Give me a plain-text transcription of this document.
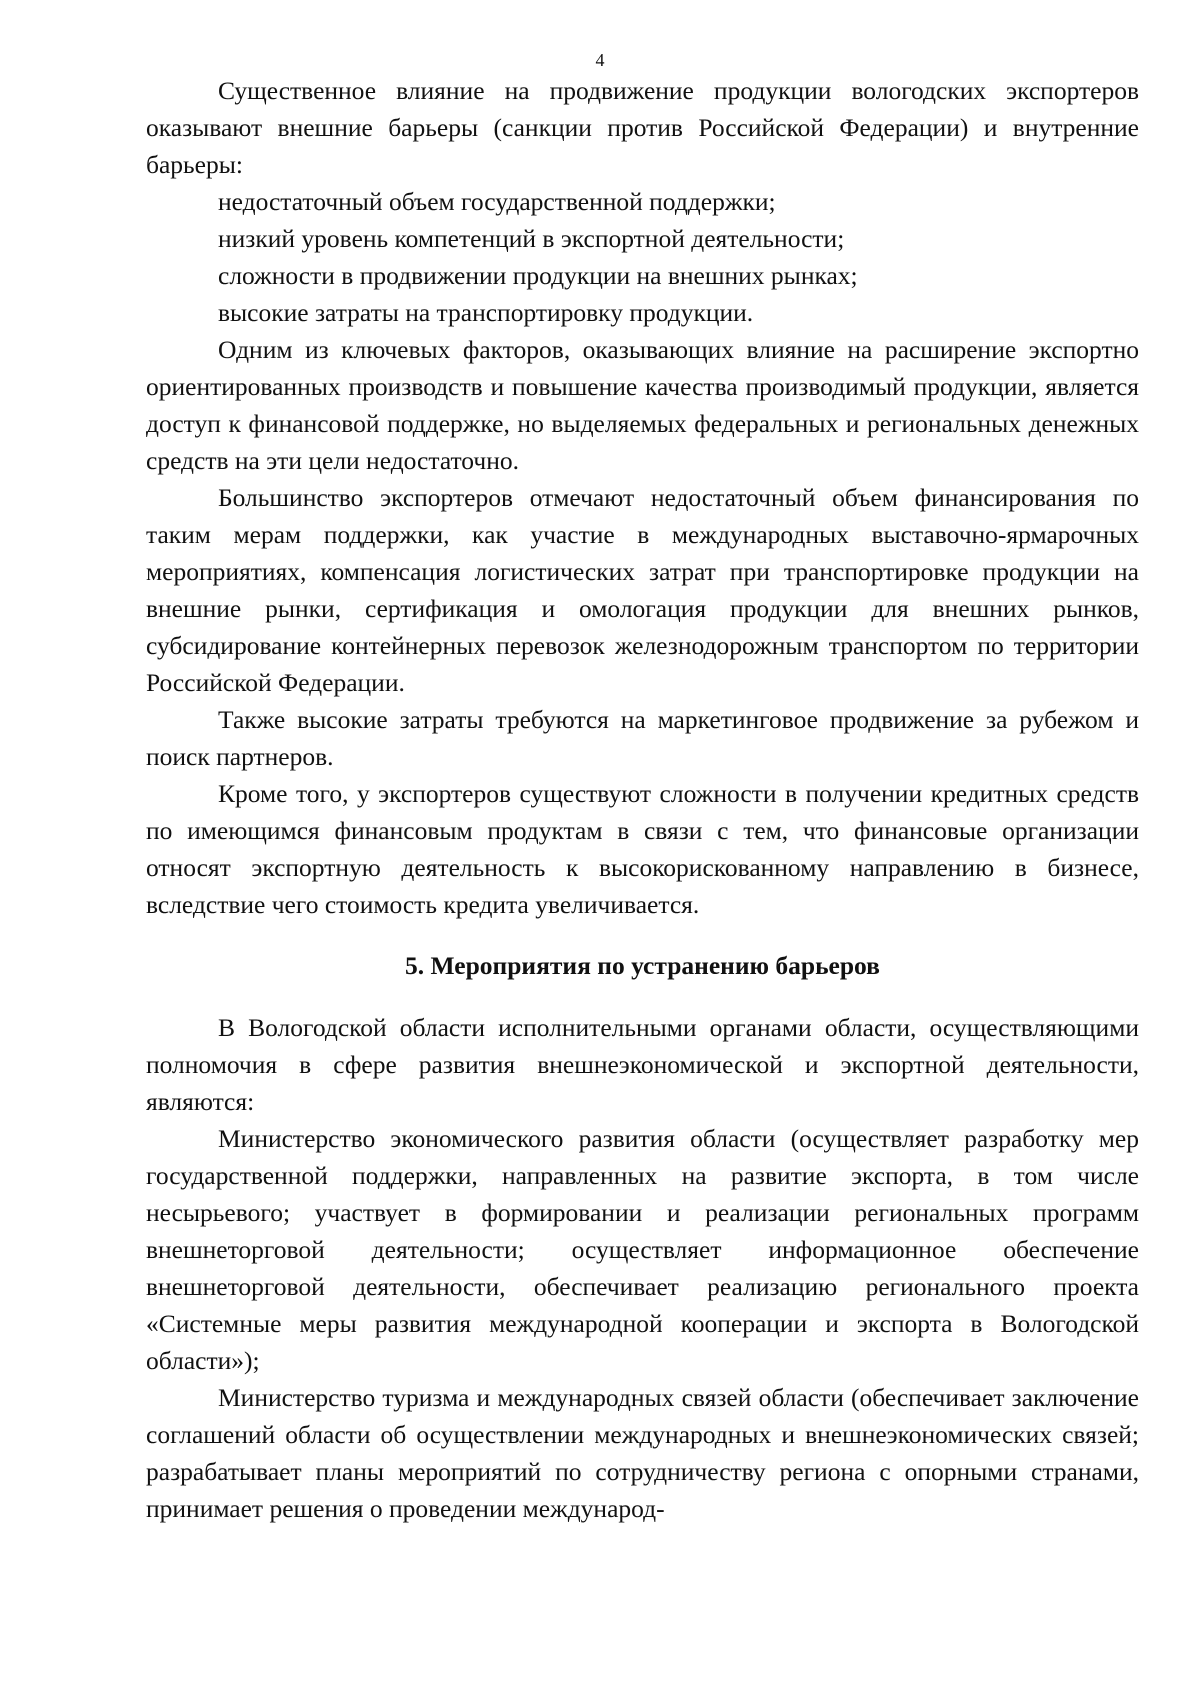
4

Существенное влияние на продвижение продукции вологодских экспортеров оказывают внешние барьеры (санкции против Российской Федерации) и внутренние барьеры:

недостаточный объем государственной поддержки;

низкий уровень компетенций в экспортной деятельности;

сложности в продвижении продукции на внешних рынках;

высокие затраты на транспортировку продукции.

Одним из ключевых факторов, оказывающих влияние на расширение экспортно ориентированных производств и повышение качества производимый продукции, является доступ к финансовой поддержке, но выделяемых федеральных и региональных денежных средств на эти цели недостаточно.

Большинство экспортеров отмечают недостаточный объем финансирования по таким мерам поддержки, как участие в международных выставочно-ярмарочных мероприятиях, компенсация логистических затрат при транспортировке продукции на внешние рынки, сертификация и омологация продукции для внешних рынков, субсидирование контейнерных перевозок железнодорожным транспортом по территории Российской Федерации.

Также высокие затраты требуются на маркетинговое продвижение за рубежом и поиск партнеров.

Кроме того, у экспортеров существуют сложности в получении кредитных средств по имеющимся финансовым продуктам в связи с тем, что финансовые организации относят экспортную деятельность к высокорискованному направлению в бизнесе, вследствие чего стоимость кредита увеличивается.

5. Мероприятия по устранению барьеров

В Вологодской области исполнительными органами области, осуществляющими полномочия в сфере развития внешнеэкономической и экспортной деятельности, являются:

Министерство экономического развития области (осуществляет разработку мер государственной поддержки, направленных на развитие экспорта, в том числе несырьевого; участвует в формировании и реализации региональных программ внешнеторговой деятельности; осуществляет информационное обеспечение внешнеторговой деятельности, обеспечивает реализацию регионального проекта «Системные меры развития международной кооперации и экспорта в Вологодской области»);

Министерство туризма и международных связей области (обеспечивает заключение соглашений области об осуществлении международных и внешнеэкономических связей; разрабатывает планы мероприятий по сотрудничеству региона с опорными странами, принимает решения о проведении международ-
